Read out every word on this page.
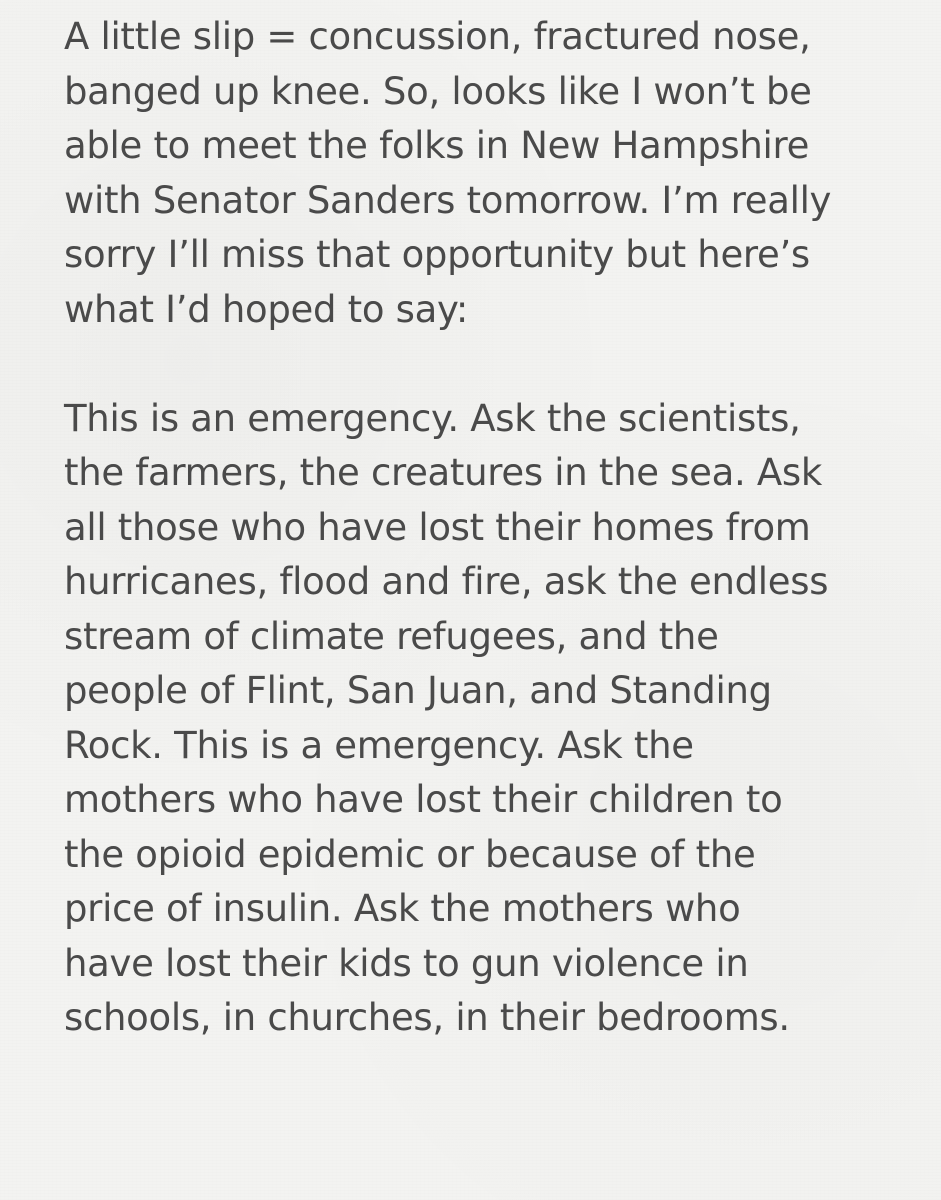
A little slip = concussion, fractured nose,
banged up knee. So, looks like I won’t be
able to meet the folks in New Hampshire
with Senator Sanders tomorrow. I’m really
sorry I’ll miss that opportunity but here’s
what I’d hoped to say:
This is an emergency. Ask the scientists,
the farmers, the creatures in the sea. Ask
all those who have lost their homes from
hurricanes, flood and fire, ask the endless
stream of climate refugees, and the
people of Flint, San Juan, and Standing
Rock. This is a emergency. Ask the
mothers who have lost their children to
the opioid epidemic or because of the
price of insulin. Ask the mothers who
have lost their kids to gun violence in
schools, in churches, in their bedrooms.
